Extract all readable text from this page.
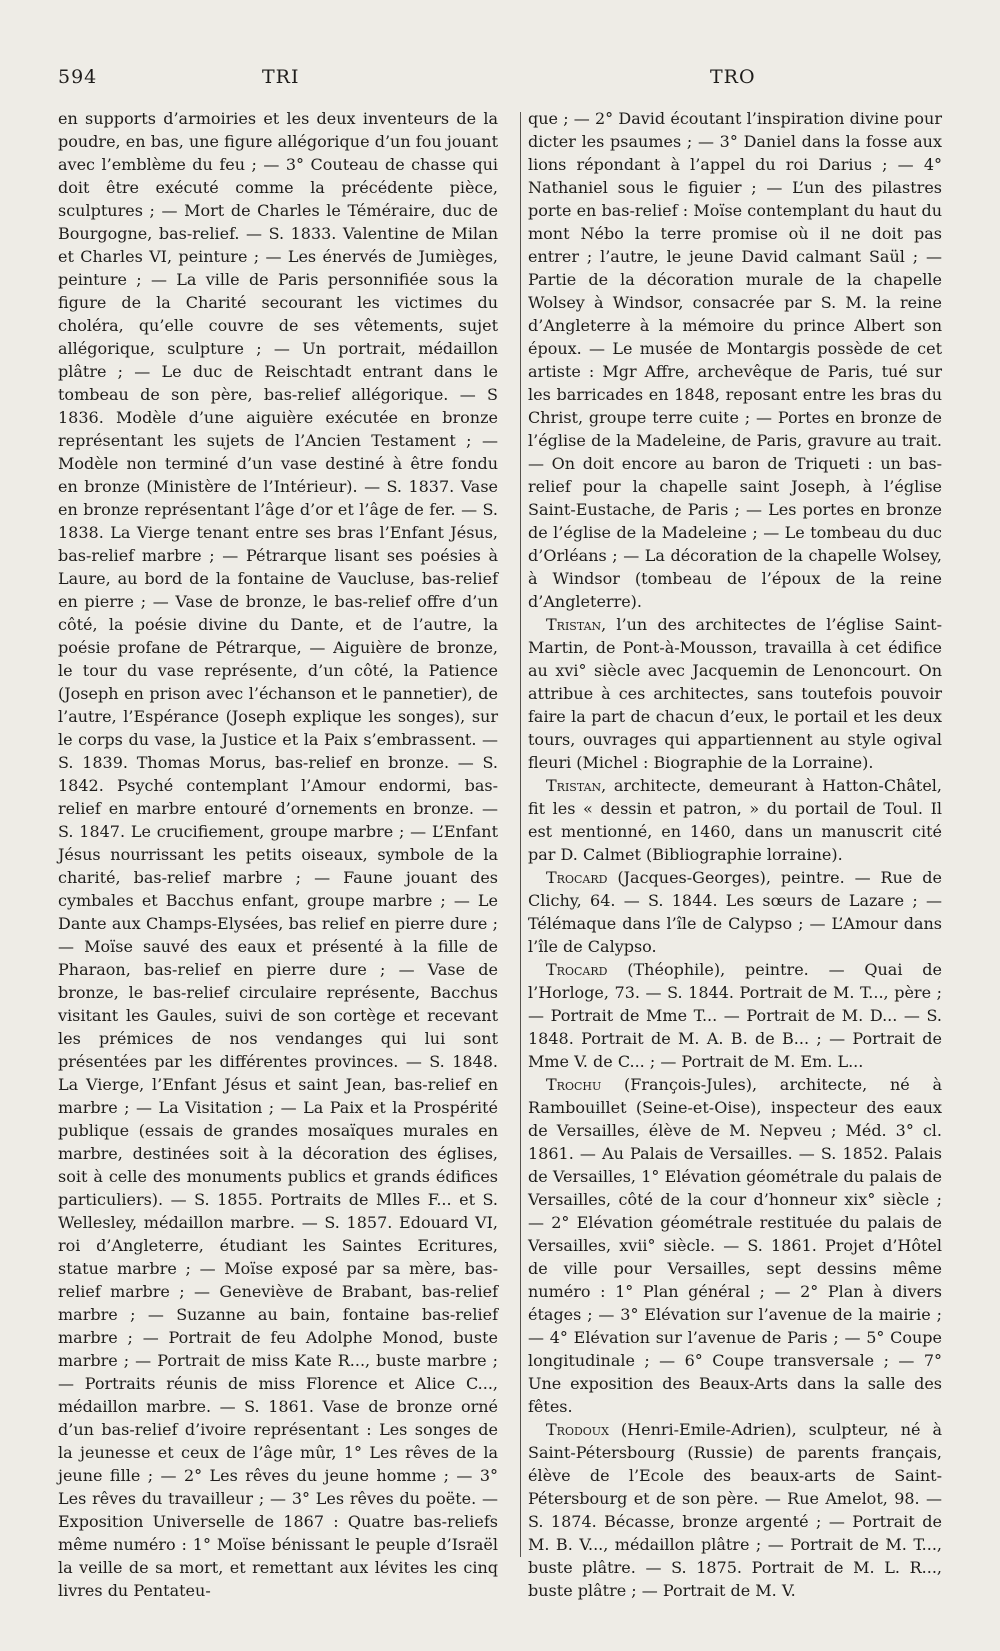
594	TRI	TRO

en supports d’armoiries et les deux inventeurs de la poudre, en bas, une figure allégorique d’un fou jouant avec l’emblème du feu ; — 3° Couteau de chasse qui doit être exécuté comme la précédente pièce, sculptures ; — Mort de Charles le Téméraire, duc de Bourgogne, bas-relief. — S. 1833. Valentine de Milan et Charles VI, peinture ; — Les énervés de Jumièges, peinture ; — La ville de Paris personnifiée sous la figure de la Charité secourant les victimes du choléra, qu’elle couvre de ses vêtements, sujet allégorique, sculpture ; — Un portrait, médaillon plâtre ; — Le duc de Reischtadt entrant dans le tombeau de son père, bas-relief allégorique. — S 1836. Modèle d’une aiguière exécutée en bronze représentant les sujets de l’Ancien Testament ; — Modèle non terminé d’un vase destiné à être fondu en bronze (Ministère de l’Intérieur). — S. 1837. Vase en bronze représentant l’âge d’or et l’âge de fer. — S. 1838. La Vierge tenant entre ses bras l’Enfant Jésus, bas-relief marbre ; — Pétrarque lisant ses poésies à Laure, au bord de la fontaine de Vaucluse, bas-relief en pierre ; — Vase de bronze, le bas-relief offre d’un côté, la poésie divine du Dante, et de l’autre, la poésie profane de Pétrarque, — Aiguière de bronze, le tour du vase représente, d’un côté, la Patience (Joseph en prison avec l’échanson et le pannetier), de l’autre, l’Espérance (Joseph explique les songes), sur le corps du vase, la Justice et la Paix s’embrassent. — S. 1839. Thomas Morus, bas-relief en bronze. — S. 1842. Psyché contemplant l’Amour endormi, bas-relief en marbre entouré d’ornements en bronze. — S. 1847. Le crucifiement, groupe marbre ; — L’Enfant Jésus nourrissant les petits oiseaux, symbole de la charité, bas-relief marbre ; — Faune jouant des cymbales et Bacchus enfant, groupe marbre ; — Le Dante aux Champs-Elysées, bas relief en pierre dure ; — Moïse sauvé des eaux et présenté à la fille de Pharaon, bas-relief en pierre dure ; — Vase de bronze, le bas-relief circulaire représente, Bacchus visitant les Gaules, suivi de son cortège et recevant les prémices de nos vendanges qui lui sont présentées par les différentes provinces. — S. 1848. La Vierge, l’Enfant Jésus et saint Jean, bas-relief en marbre ; — La Visitation ; — La Paix et la Prospérité publique (essais de grandes mosaïques murales en marbre, destinées soit à la décoration des églises, soit à celle des monuments publics et grands édifices particuliers). — S. 1855. Portraits de Mlles F... et S. Wellesley, médaillon marbre. — S. 1857. Edouard VI, roi d’Angleterre, étudiant les Saintes Ecritures, statue marbre ; — Moïse exposé par sa mère, bas-relief marbre ; — Geneviève de Brabant, bas-relief marbre ; — Suzanne au bain, fontaine bas-relief marbre ; — Portrait de feu Adolphe Monod, buste marbre ; — Portrait de miss Kate R..., buste marbre ; — Portraits réunis de miss Florence et Alice C..., médaillon marbre. — S. 1861. Vase de bronze orné d’un bas-relief d’ivoire représentant : Les songes de la jeunesse et ceux de l’âge mûr, 1° Les rêves de la jeune fille ; — 2° Les rêves du jeune homme ; — 3° Les rêves du travailleur ; — 3° Les rêves du poëte. — Exposition Universelle de 1867 : Quatre bas-reliefs même numéro : 1° Moïse bénissant le peuple d’Israël la veille de sa mort, et remettant aux lévites les cinq livres du Pentateu-

que ; — 2° David écoutant l’inspiration divine pour dicter les psaumes ; — 3° Daniel dans la fosse aux lions répondant à l’appel du roi Darius ; — 4° Nathaniel sous le figuier ; — L’un des pilastres porte en bas-relief : Moïse contemplant du haut du mont Nébo la terre promise où il ne doit pas entrer ; l’autre, le jeune David calmant Saül ; — Partie de la décoration murale de la chapelle Wolsey à Windsor, consacrée par S. M. la reine d’Angleterre à la mémoire du prince Albert son époux. — Le musée de Montargis possède de cet artiste : Mgr Affre, archevêque de Paris, tué sur les barricades en 1848, reposant entre les bras du Christ, groupe terre cuite ; — Portes en bronze de l’église de la Madeleine, de Paris, gravure au trait. — On doit encore au baron de Triqueti : un bas-relief pour la chapelle saint Joseph, à l’église Saint-Eustache, de Paris ; — Les portes en bronze de l’église de la Madeleine ; — Le tombeau du duc d’Orléans ; — La décoration de la chapelle Wolsey, à Windsor (tombeau de l’époux de la reine d’Angleterre).

Tristan, l’un des architectes de l’église Saint-Martin, de Pont-à-Mousson, travailla à cet édifice au xvi° siècle avec Jacquemin de Lenoncourt. On attribue à ces architectes, sans toutefois pouvoir faire la part de chacun d’eux, le portail et les deux tours, ouvrages qui appartiennent au style ogival fleuri (Michel : Biographie de la Lorraine).

Tristan, architecte, demeurant à Hatton-Châtel, fit les « dessin et patron, » du portail de Toul. Il est mentionné, en 1460, dans un manuscrit cité par D. Calmet (Bibliographie lorraine).

Trocard (Jacques-Georges), peintre. — Rue de Clichy, 64. — S. 1844. Les sœurs de Lazare ; — Télémaque dans l’île de Calypso ; — L’Amour dans l’île de Calypso.

Trocard (Théophile), peintre. — Quai de l’Horloge, 73. — S. 1844. Portrait de M. T..., père ; — Portrait de Mme T... — Portrait de M. D... — S. 1848. Portrait de M. A. B. de B... ; — Portrait de Mme V. de C... ; — Portrait de M. Em. L...

Trochu (François-Jules), architecte, né à Rambouillet (Seine-et-Oise), inspecteur des eaux de Versailles, élève de M. Nepveu ; Méd. 3° cl. 1861. — Au Palais de Versailles. — S. 1852. Palais de Versailles, 1° Elévation géométrale du palais de Versailles, côté de la cour d’honneur xix° siècle ; — 2° Elévation géométrale restituée du palais de Versailles, xvii° siècle. — S. 1861. Projet d’Hôtel de ville pour Versailles, sept dessins même numéro : 1° Plan général ; — 2° Plan à divers étages ; — 3° Elévation sur l’avenue de la mairie ; — 4° Elévation sur l’avenue de Paris ; — 5° Coupe longitudinale ; — 6° Coupe transversale ; — 7° Une exposition des Beaux-Arts dans la salle des fêtes.

Trodoux (Henri-Emile-Adrien), sculpteur, né à Saint-Pétersbourg (Russie) de parents français, élève de l’Ecole des beaux-arts de Saint-Pétersbourg et de son père. — Rue Amelot, 98. — S. 1874. Bécasse, bronze argenté ; — Portrait de M. B. V..., médaillon plâtre ; — Portrait de M. T..., buste plâtre. — S. 1875. Portrait de M. L. R..., buste plâtre ; — Portrait de M. V.
